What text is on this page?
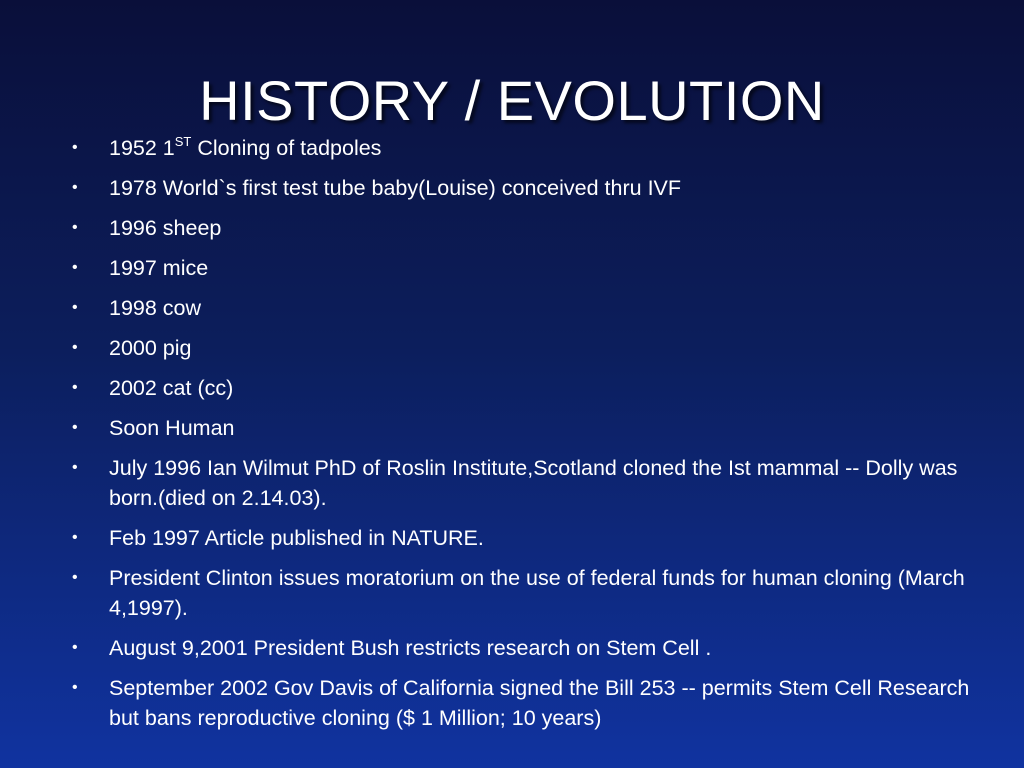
HISTORY / EVOLUTION
• 1952 1ST Cloning of tadpoles
• 1978 World`s first test tube baby(Louise) conceived thru IVF
• 1996 sheep
• 1997 mice
• 1998 cow
• 2000 pig
• 2002 cat (cc)
• Soon Human
• July 1996 Ian Wilmut PhD of Roslin Institute,Scotland cloned the Ist mammal -- Dolly was born.(died on 2.14.03).
• Feb 1997 Article published in NATURE.
• President Clinton issues moratorium on the use of federal funds for human cloning (March 4,1997).
• August 9,2001 President Bush restricts research on Stem Cell .
• September 2002 Gov Davis of California signed the Bill 253 -- permits Stem Cell Research but bans reproductive cloning ($ 1 Million; 10 years)
